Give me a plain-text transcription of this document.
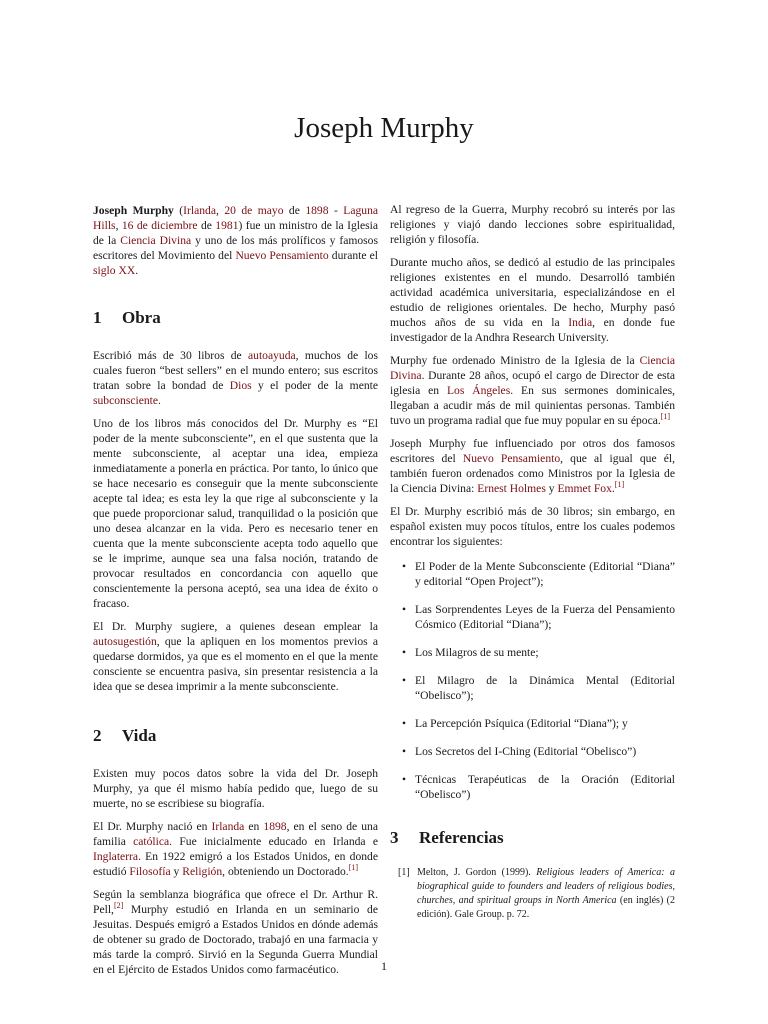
Joseph Murphy

Joseph Murphy (Irlanda, 20 de mayo de 1898 - Laguna Hills, 16 de diciembre de 1981) fue un ministro de la Iglesia de la Ciencia Divina y uno de los más prolíficos y famosos escritores del Movimiento del Nuevo Pensamiento durante el siglo XX.

1 Obra

Escribió más de 30 libros de autoayuda, muchos de los cuales fueron “best sellers” en el mundo entero; sus escritos tratan sobre la bondad de Dios y el poder de la mente subconsciente.

Uno de los libros más conocidos del Dr. Murphy es “El poder de la mente subconsciente”, en el que sustenta que la mente subconsciente, al aceptar una idea, empieza inmediatamente a ponerla en práctica. Por tanto, lo único que se hace necesario es conseguir que la mente subconsciente acepte tal idea; es esta ley la que rige al subconsciente y la que puede proporcionar salud, tranquilidad o la posición que uno desea alcanzar en la vida. Pero es necesario tener en cuenta que la mente subconsciente acepta todo aquello que se le imprime, aunque sea una falsa noción, tratando de provocar resultados en concordancia con aquello que conscientemente la persona aceptó, sea una idea de éxito o fracaso.

El Dr. Murphy sugiere, a quienes desean emplear la autosugestión, que la apliquen en los momentos previos a quedarse dormidos, ya que es el momento en el que la mente consciente se encuentra pasiva, sin presentar resistencia a la idea que se desea imprimir a la mente subconsciente.

2 Vida

Existen muy pocos datos sobre la vida del Dr. Joseph Murphy, ya que él mismo había pedido que, luego de su muerte, no se escribiese su biografía.

El Dr. Murphy nació en Irlanda en 1898, en el seno de una familia católica. Fue inicialmente educado en Irlanda e Inglaterra. En 1922 emigró a los Estados Unidos, en donde estudió Filosofía y Religión, obteniendo un Doctorado.[1]

Según la semblanza biográfica que ofrece el Dr. Arthur R. Pell,[2] Murphy estudió en Irlanda en un seminario de Jesuitas. Después emigró a Estados Unidos en dónde además de obtener su grado de Doctorado, trabajó en una farmacia y más tarde la compró. Sirvió en la Segunda Guerra Mundial en el Ejército de Estados Unidos como farmacéutico.

Al regreso de la Guerra, Murphy recobró su interés por las religiones y viajó dando lecciones sobre espiritualidad, religión y filosofía.

Durante mucho años, se dedicó al estudio de las principales religiones existentes en el mundo. Desarrolló también actividad académica universitaria, especializándose en el estudio de religiones orientales. De hecho, Murphy pasó muchos años de su vida en la India, en donde fue investigador de la Andhra Research University.

Murphy fue ordenado Ministro de la Iglesia de la Ciencia Divina. Durante 28 años, ocupó el cargo de Director de esta iglesia en Los Ángeles. En sus sermones dominicales, llegaban a acudir más de mil quinientas personas. También tuvo un programa radial que fue muy popular en su época.[1]

Joseph Murphy fue influenciado por otros dos famosos escritores del Nuevo Pensamiento, que al igual que él, también fueron ordenados como Ministros por la Iglesia de la Ciencia Divina: Ernest Holmes y Emmet Fox.[1]

El Dr. Murphy escribió más de 30 libros; sin embargo, en español existen muy pocos títulos, entre los cuales podemos encontrar los siguientes:

• El Poder de la Mente Subconsciente (Editorial “Diana” y editorial “Open Project”);
• Las Sorprendentes Leyes de la Fuerza del Pensamiento Cósmico (Editorial “Diana”);
• Los Milagros de su mente;
• El Milagro de la Dinámica Mental (Editorial “Obelisco”);
• La Percepción Psíquica (Editorial “Diana”); y
• Los Secretos del I-Ching (Editorial “Obelisco”)
• Técnicas Terapéuticas de la Oración (Editorial “Obelisco”)
3 Referencias
[1] Melton, J. Gordon (1999). Religious leaders of America: a biographical guide to founders and leaders of religious bodies, churches, and spiritual groups in North America (en inglés) (2 edición). Gale Group. p. 72.
1
